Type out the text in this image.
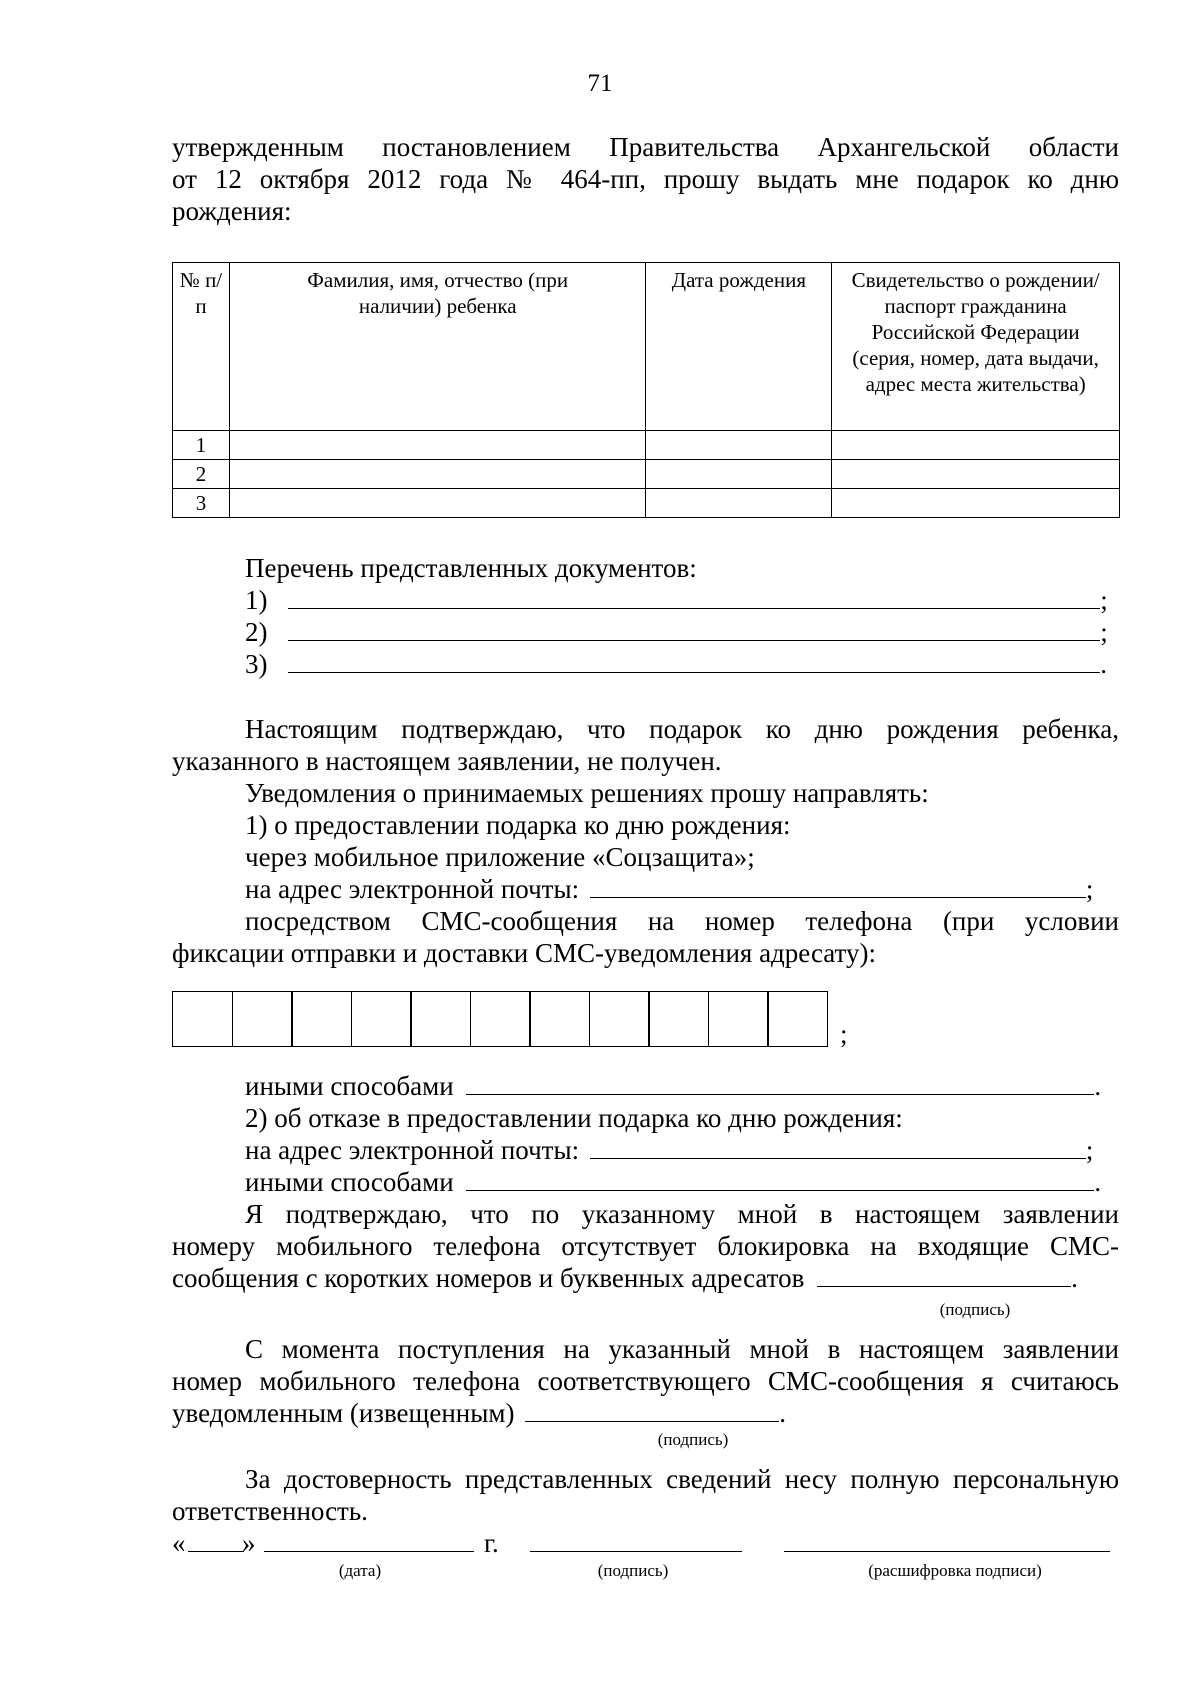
71
утвержденным постановлением Правительства Архангельской области
от 12 октября 2012 года № 464-пп, прошу выдать мне подарок ко дню
рождения:
№ п/п	Фамилия, имя, отчество (при наличии) ребенка	Дата рождения	Свидетельство о рождении/паспорт гражданина Российской Федерации (серия, номер, дата выдачи, адрес места жительства)
1			
2			
3			
Перечень представленных документов:
1)	;
2)	;
3)	.
Настоящим подтверждаю, что подарок ко дню рождения ребенка,
указанного в настоящем заявлении, не получен.
Уведомления о принимаемых решениях прошу направлять:
1) о предоставлении подарка ко дню рождения:
через мобильное приложение «Соцзащита»;
на адрес электронной почты:	;
посредством СМС-сообщения на номер телефона (при условии
фиксации отправки и доставки СМС-уведомления адресату):
;
иными способами	.
2) об отказе в предоставлении подарка ко дню рождения:
на адрес электронной почты:	;
иными способами	.
Я подтверждаю, что по указанному мной в настоящем заявлении
номеру мобильного телефона отсутствует блокировка на входящие СМС-
сообщения с коротких номеров и буквенных адресатов	.
(подпись)
С момента поступления на указанный мной в настоящем заявлении
номер мобильного телефона соответствующего СМС-сообщения я считаюсь
уведомленным (извещенным)	.
(подпись)
За достоверность представленных сведений несу полную персональную
ответственность.
« »	г.
(дата)	(подпись)	(расшифровка подписи)
